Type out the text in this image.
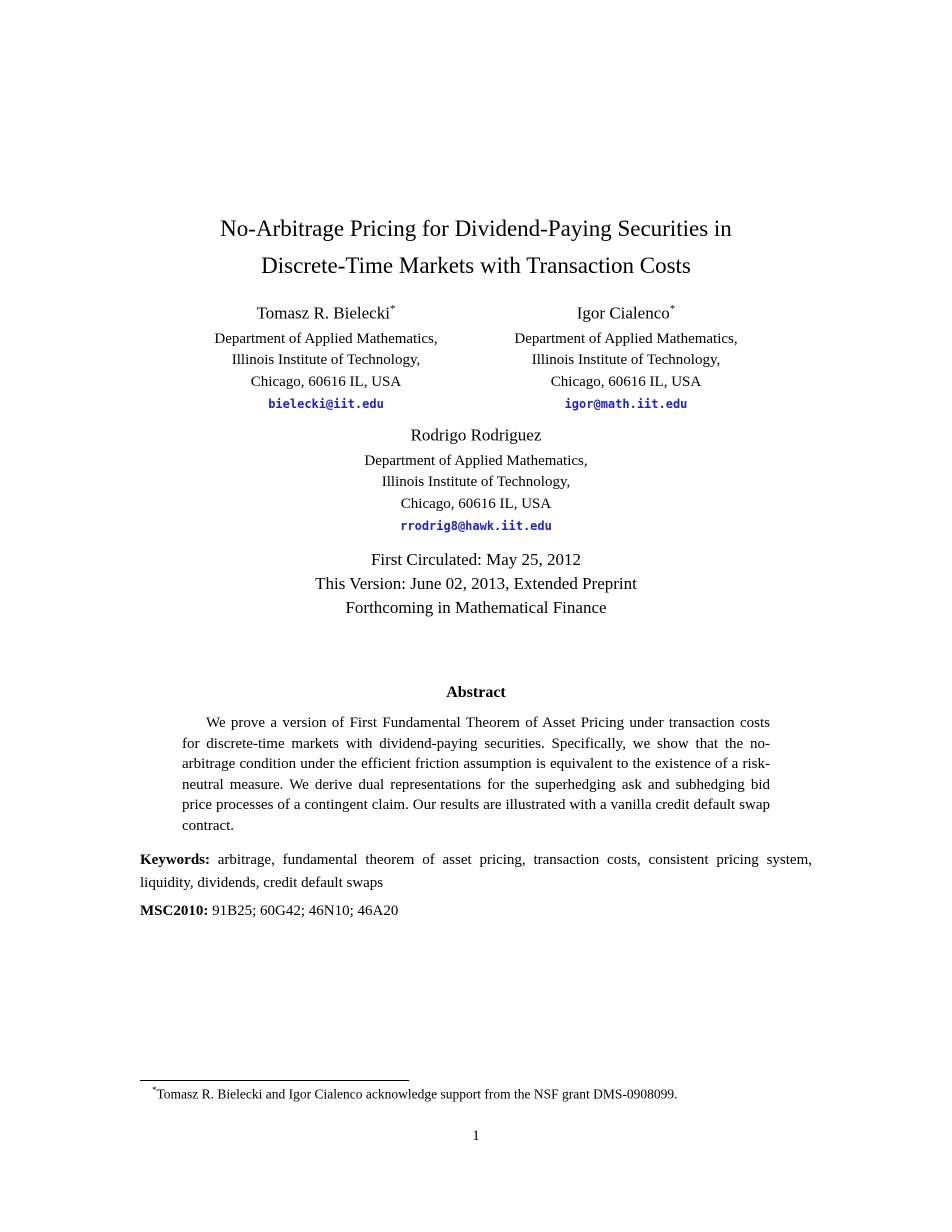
No-Arbitrage Pricing for Dividend-Paying Securities in
Discrete-Time Markets with Transaction Costs
Tomasz R. Bielecki*
Department of Applied Mathematics,
Illinois Institute of Technology,
Chicago, 60616 IL, USA
bielecki@iit.edu
Igor Cialenco*
Department of Applied Mathematics,
Illinois Institute of Technology,
Chicago, 60616 IL, USA
igor@math.iit.edu
Rodrigo Rodriguez
Department of Applied Mathematics,
Illinois Institute of Technology,
Chicago, 60616 IL, USA
rrodrig8@hawk.iit.edu
First Circulated: May 25, 2012
This Version: June 02, 2013, Extended Preprint
Forthcoming in Mathematical Finance
Abstract
We prove a version of First Fundamental Theorem of Asset Pricing under transaction costs for discrete-time markets with dividend-paying securities. Specifically, we show that the no-arbitrage condition under the efficient friction assumption is equivalent to the existence of a risk-neutral measure. We derive dual representations for the superhedging ask and subhedging bid price processes of a contingent claim. Our results are illustrated with a vanilla credit default swap contract.
Keywords: arbitrage, fundamental theorem of asset pricing, transaction costs, consistent pricing system, liquidity, dividends, credit default swaps
MSC2010: 91B25; 60G42; 46N10; 46A20
*Tomasz R. Bielecki and Igor Cialenco acknowledge support from the NSF grant DMS-0908099.
1
